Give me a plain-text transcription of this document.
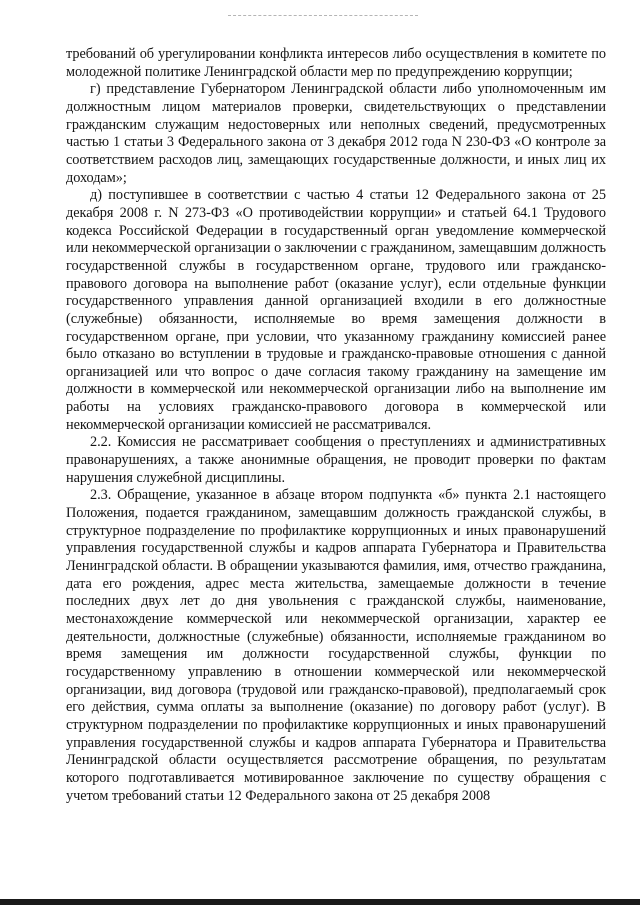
требований об урегулировании конфликта интересов либо осуществления в комитете по молодежной политике Ленинградской области мер по предупреждению коррупции;

г) представление Губернатором Ленинградской области либо уполномоченным им должностным лицом материалов проверки, свидетельствующих о представлении гражданским служащим недостоверных или неполных сведений, предусмотренных частью 1 статьи 3 Федерального закона от 3 декабря 2012 года N 230-ФЗ «О контроле за соответствием расходов лиц, замещающих государственные должности, и иных лиц их доходам»;

д) поступившее в соответствии с частью 4 статьи 12 Федерального закона от 25 декабря 2008 г. N 273-ФЗ «О противодействии коррупции» и статьей 64.1 Трудового кодекса Российской Федерации в государственный орган уведомление коммерческой или некоммерческой организации о заключении с гражданином, замещавшим должность государственной службы в государственном органе, трудового или гражданско-правового договора на выполнение работ (оказание услуг), если отдельные функции государственного управления данной организацией входили в его должностные (служебные) обязанности, исполняемые во время замещения должности в государственном органе, при условии, что указанному гражданину комиссией ранее было отказано во вступлении в трудовые и гражданско-правовые отношения с данной организацией или что вопрос о даче согласия такому гражданину на замещение им должности в коммерческой или некоммерческой организации либо на выполнение им работы на условиях гражданско-правового договора в коммерческой или некоммерческой организации комиссией не рассматривался.

2.2. Комиссия не рассматривает сообщения о преступлениях и административных правонарушениях, а также анонимные обращения, не проводит проверки по фактам нарушения служебной дисциплины.

2.3. Обращение, указанное в абзаце втором подпункта «б» пункта 2.1 настоящего Положения, подается гражданином, замещавшим должность гражданской службы, в структурное подразделение по профилактике коррупционных и иных правонарушений управления государственной службы и кадров аппарата Губернатора и Правительства Ленинградской области. В обращении указываются фамилия, имя, отчество гражданина, дата его рождения, адрес места жительства, замещаемые должности в течение последних двух лет до дня увольнения с гражданской службы, наименование, местонахождение коммерческой или некоммерческой организации, характер ее деятельности, должностные (служебные) обязанности, исполняемые гражданином во время замещения им должности государственной службы, функции по государственному управлению в отношении коммерческой или некоммерческой организации, вид договора (трудовой или гражданско-правовой), предполагаемый срок его действия, сумма оплаты за выполнение (оказание) по договору работ (услуг). В структурном подразделении по профилактике коррупционных и иных правонарушений управления государственной службы и кадров аппарата Губернатора и Правительства Ленинградской области осуществляется рассмотрение обращения, по результатам которого подготавливается мотивированное заключение по существу обращения с учетом требований статьи 12 Федерального закона от 25 декабря 2008
